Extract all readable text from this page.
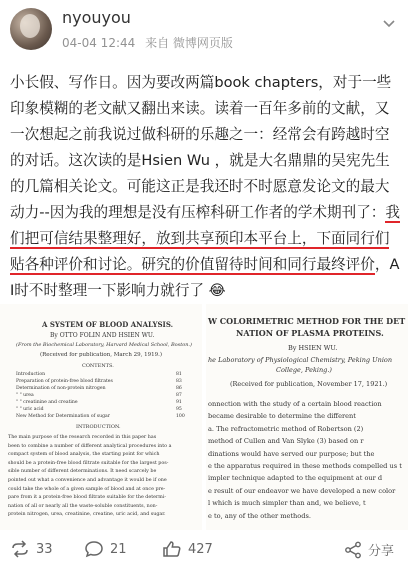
nyouyou
04-04 12:44 来自 微博网页版
小长假、写作日。因为要改两篇book chapters，对于一些印象模糊的老文献又翻出来读。读着一百年多前的文献，又一次想起之前我说过做科研的乐趣之一：经常会有跨越时空的对话。这次读的是Hsien Wu ，就是大名鼎鼎的吴宪先生的几篇相关论文。可能这正是我还时不时愿意发论文的最大动力--因为我的理想是没有压榨科研工作者的学术期刊了：我们把可信结果整理好，放到共享预印本平台上，下面同行们贴各种评价和讨论。研究的价值留待时间和同行最终评价，AI时不时整理一下影响力就行了 😂
A SYSTEM OF BLOOD ANALYSIS.
By OTTO FOLIN AND HSIEN WU.
(From the Biochemical Laboratory, Harvard Medical School, Boston.)
(Received for publication, March 29, 1919.)
CONTENTS.
Introduction	81
Preparation of protein-free blood filtrates	83
Determination of non-protein nitrogen	86
" " urea	87
" " creatinine and creatine	91
" " uric acid	95
New Method for Determination of sugar	100
INTRODUCTION.
The main purpose of the research recorded in this paper has
been to combine a number of different analytical procedures into a
compact system of blood analysis, the starting point for which
should be a protein-free blood filtrate suitable for the largest pos-
sible number of different determinations. It need scarcely be
pointed out what a convenience and advantage it would be if one
could take the whole of a given sample of blood and at once pre-
pare from it a protein-free blood filtrate suitable for the determi-
nation of all or nearly all the waste-soluble constituents, non-
protein nitrogen, urea, creatinine, creatine, uric acid, and sugar.
W COLORIMETRIC METHOD FOR THE DET
NATION OF PLASMA PROTEINS.
By HSIEN WU.
he Laboratory of Physiological Chemistry, Peking Union
College, Peking.)
(Received for publication, November 17, 1921.)
onnection with the study of a certain blood reaction
became desirable to determine the different
a. The refractometric method of Robertson (2)
method of Cullen and Van Slyke (3) based on r
dinations would have served our purpose; but the
e the apparatus required in these methods compelled us t
impler technique adapted to the equipment at our d
e result of our endeavor we have developed a new color
l which is much simpler than and, we believe, t
e to, any of the other methods.
33	21	427	分享
